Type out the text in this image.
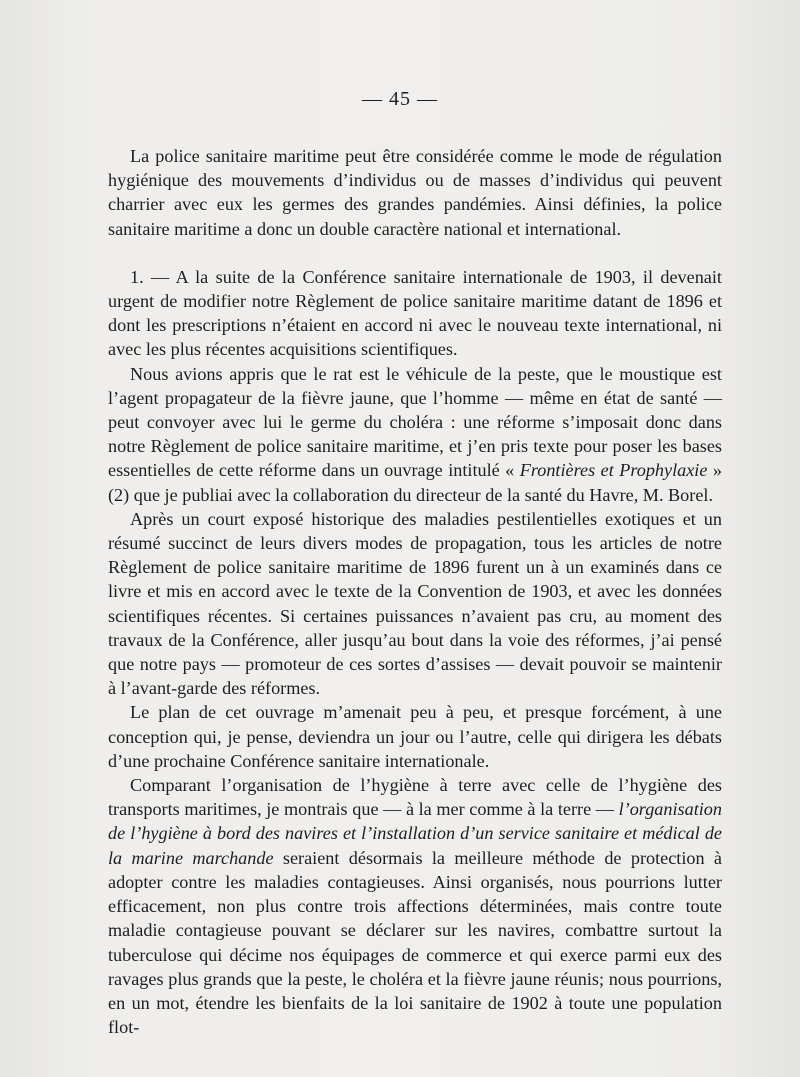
— 45 —

La police sanitaire maritime peut être considérée comme le mode de régulation hygiénique des mouvements d’individus ou de masses d’individus qui peuvent charrier avec eux les germes des grandes pandémies. Ainsi définies, la police sanitaire maritime a donc un double caractère national et international.

1. — A la suite de la Conférence sanitaire internationale de 1903, il devenait urgent de modifier notre Règlement de police sanitaire maritime datant de 1896 et dont les prescriptions n’étaient en accord ni avec le nouveau texte international, ni avec les plus récentes acquisitions scientifiques.

Nous avions appris que le rat est le véhicule de la peste, que le moustique est l’agent propagateur de la fièvre jaune, que l’homme — même en état de santé — peut convoyer avec lui le germe du choléra : une réforme s’imposait donc dans notre Règlement de police sanitaire maritime, et j’en pris texte pour poser les bases essentielles de cette réforme dans un ouvrage intitulé « Frontières et Prophylaxie » (2) que je publiai avec la collaboration du directeur de la santé du Havre, M. Borel.

Après un court exposé historique des maladies pestilentielles exotiques et un résumé succinct de leurs divers modes de propagation, tous les articles de notre Règlement de police sanitaire maritime de 1896 furent un à un examinés dans ce livre et mis en accord avec le texte de la Convention de 1903, et avec les données scientifiques récentes. Si certaines puissances n’avaient pas cru, au moment des travaux de la Conférence, aller jusqu’au bout dans la voie des réformes, j’ai pensé que notre pays — promoteur de ces sortes d’assises — devait pouvoir se maintenir à l’avant-garde des réformes.

Le plan de cet ouvrage m’amenait peu à peu, et presque forcément, à une conception qui, je pense, deviendra un jour ou l’autre, celle qui dirigera les débats d’une prochaine Conférence sanitaire internationale.

Comparant l’organisation de l’hygiène à terre avec celle de l’hygiène des transports maritimes, je montrais que — à la mer comme à la terre — l’organisation de l’hygiène à bord des navires et l’installation d’un service sanitaire et médical de la marine marchande seraient désormais la meilleure méthode de protection à adopter contre les maladies contagieuses. Ainsi organisés, nous pourrions lutter efficacement, non plus contre trois affections déterminées, mais contre toute maladie contagieuse pouvant se déclarer sur les navires, combattre surtout la tuberculose qui décime nos équipages de commerce et qui exerce parmi eux des ravages plus grands que la peste, le choléra et la fièvre jaune réunis; nous pourrions, en un mot, étendre les bienfaits de la loi sanitaire de 1902 à toute une population flot-
